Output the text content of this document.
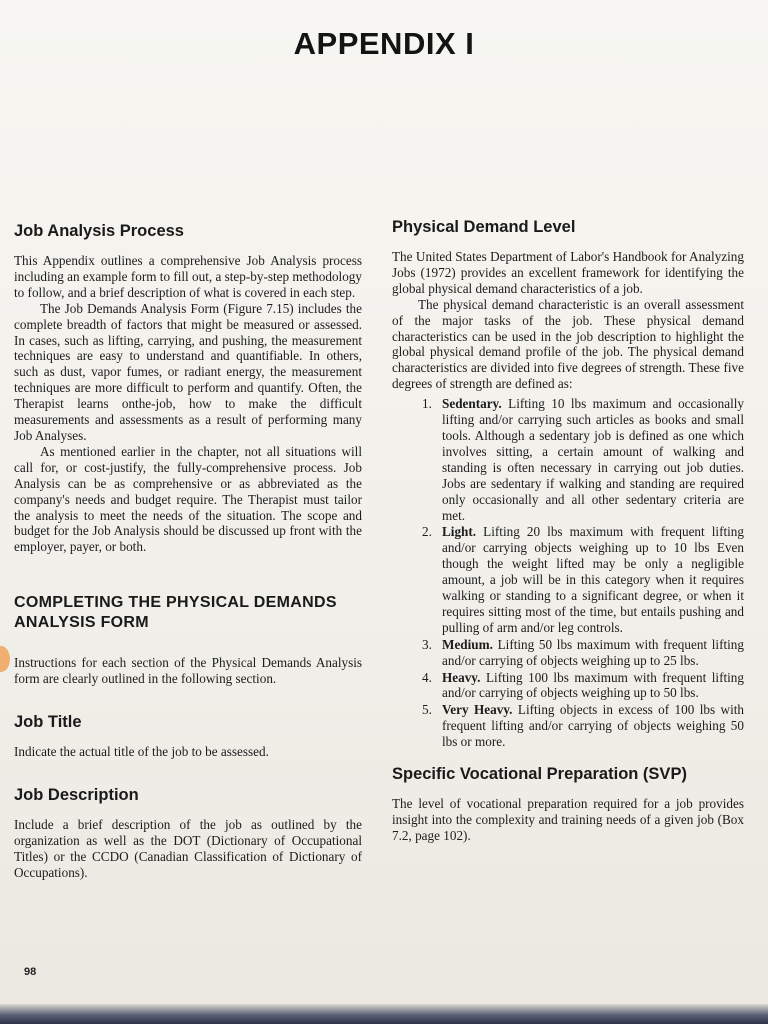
APPENDIX I
Job Analysis Process

This Appendix outlines a comprehensive Job Analysis process including an example form to fill out, a step-by-step methodology to follow, and a brief description of what is covered in each step.

The Job Demands Analysis Form (Figure 7.15) includes the complete breadth of factors that might be measured or assessed. In cases, such as lifting, carrying, and pushing, the measurement techniques are easy to understand and quantifiable. In others, such as dust, vapor fumes, or radiant energy, the measurement techniques are more difficult to perform and quantify. Often, the Therapist learns onthe-job, how to make the difficult measurements and assessments as a result of performing many Job Analyses.

As mentioned earlier in the chapter, not all situations will call for, or cost-justify, the fully-comprehensive process. Job Analysis can be as comprehensive or as abbreviated as the company's needs and budget require. The Therapist must tailor the analysis to meet the needs of the situation. The scope and budget for the Job Analysis should be discussed up front with the employer, payer, or both.

COMPLETING THE PHYSICAL DEMANDS ANALYSIS FORM

Instructions for each section of the Physical Demands Analysis form are clearly outlined in the following section.

Job Title

Indicate the actual title of the job to be assessed.

Job Description

Include a brief description of the job as outlined by the organization as well as the DOT (Dictionary of Occupational Titles) or the CCDO (Canadian Classification of Dictionary of Occupations).

Physical Demand Level

The United States Department of Labor's Handbook for Analyzing Jobs (1972) provides an excellent framework for identifying the global physical demand characteristics of a job.

The physical demand characteristic is an overall assessment of the major tasks of the job. These physical demand characteristics can be used in the job description to highlight the global physical demand profile of the job. The physical demand characteristics are divided into five degrees of strength. These five degrees of strength are defined as:

1. Sedentary. Lifting 10 lbs maximum and occasionally lifting and/or carrying such articles as books and small tools. Although a sedentary job is defined as one which involves sitting, a certain amount of walking and standing is often necessary in carrying out job duties. Jobs are sedentary if walking and standing are required only occasionally and all other sedentary criteria are met.
2. Light. Lifting 20 lbs maximum with frequent lifting and/or carrying objects weighing up to 10 lbs Even though the weight lifted may be only a negligible amount, a job will be in this category when it requires walking or standing to a significant degree, or when it requires sitting most of the time, but entails pushing and pulling of arm and/or leg controls.
3. Medium. Lifting 50 lbs maximum with frequent lifting and/or carrying of objects weighing up to 25 lbs.
4. Heavy. Lifting 100 lbs maximum with frequent lifting and/or carrying of objects weighing up to 50 lbs.
5. Very Heavy. Lifting objects in excess of 100 lbs with frequent lifting and/or carrying of objects weighing 50 lbs or more.
Specific Vocational Preparation (SVP)

The level of vocational preparation required for a job provides insight into the complexity and training needs of a given job (Box 7.2, page 102).

98
